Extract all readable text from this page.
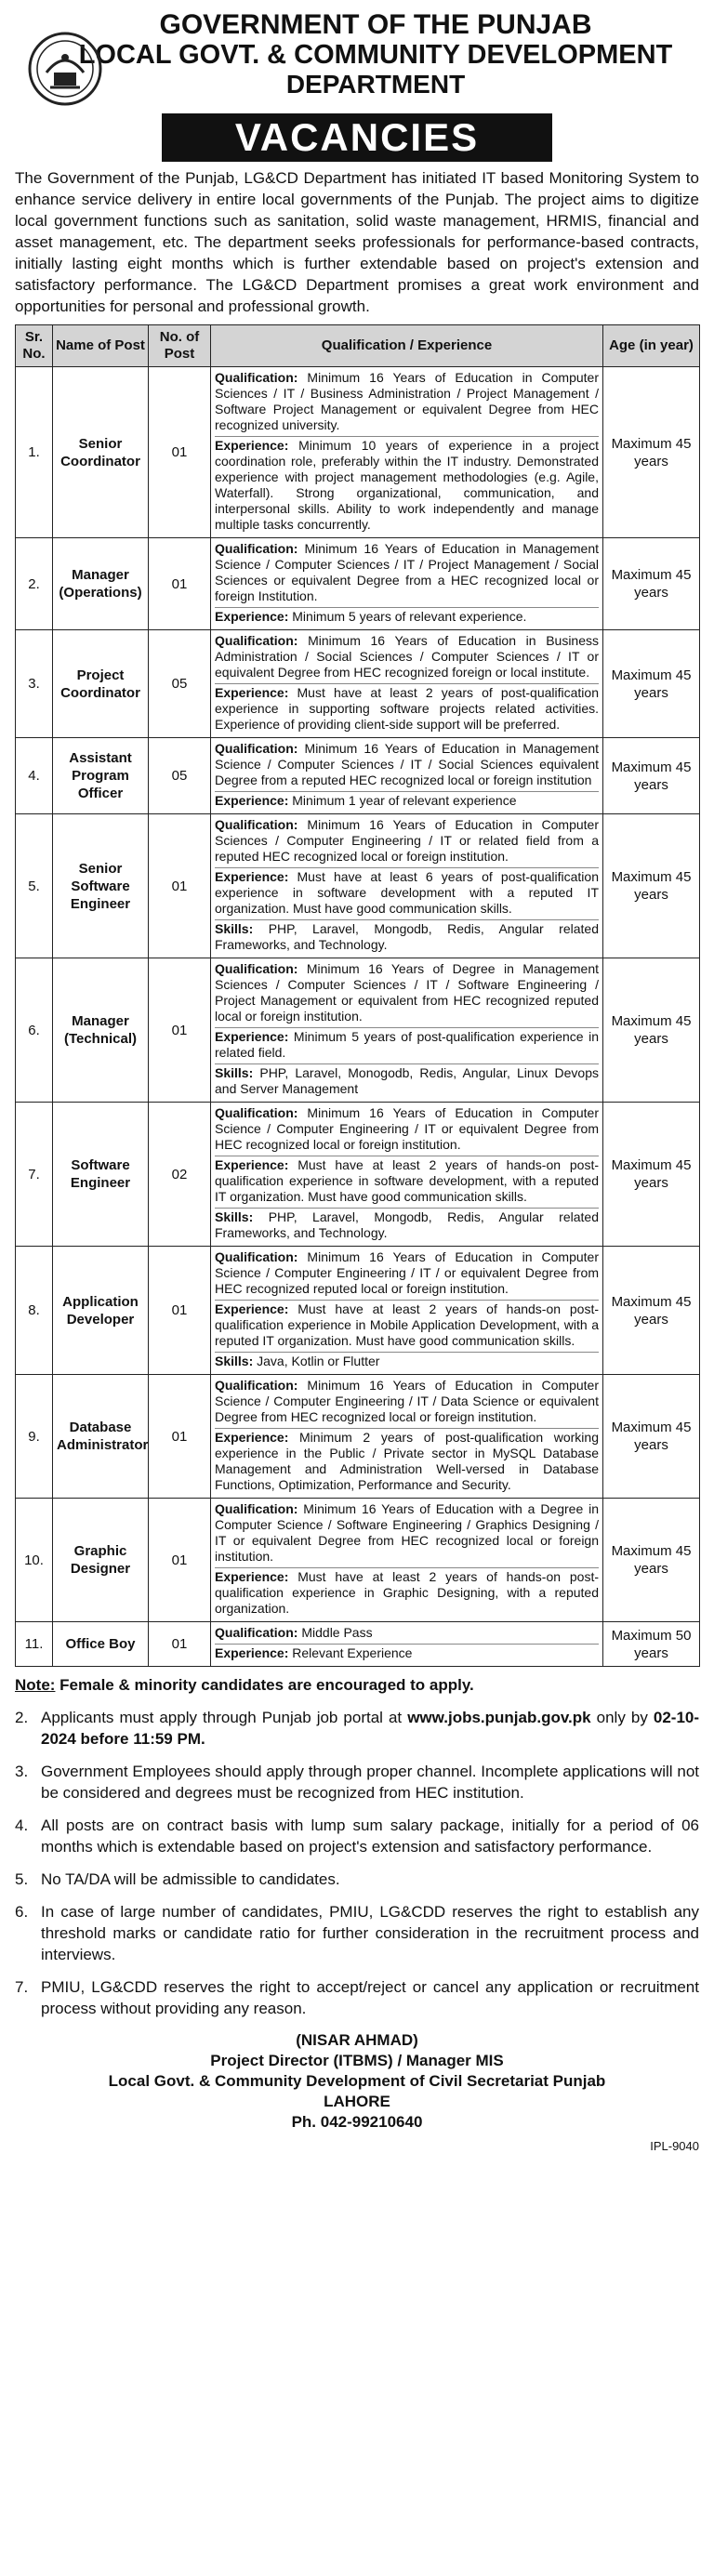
GOVERNMENT OF THE PUNJAB
LOCAL GOVT. & COMMUNITY DEVELOPMENT
DEPARTMENT
VACANCIES
The Government of the Punjab, LG&CD Department has initiated IT based Monitoring System to enhance service delivery in entire local governments of the Punjab. The project aims to digitize local government functions such as sanitation, solid waste management, HRMIS, financial and asset management, etc. The department seeks professionals for performance-based contracts, initially lasting eight months which is further extendable based on project's extension and satisfactory performance. The LG&CD Department promises a great work environment and opportunities for personal and professional growth.
Sr. No.	Name of Post	No. of Post	Qualification / Experience	Age (in year)
1.	Senior Coordinator	01	Qualification: Minimum 16 Years of Education in Computer Sciences / IT / Business Administration / Project Management / Software Project Management or equivalent Degree from HEC recognized university.
Experience: Minimum 10 years of experience in a project coordination role, preferably within the IT industry. Demonstrated experience with project management methodologies (e.g. Agile, Waterfall). Strong organizational, communication, and interpersonal skills. Ability to work independently and manage multiple tasks concurrently.	Maximum 45 years
2.	Manager (Operations)	01	Qualification: Minimum 16 Years of Education in Management Science / Computer Sciences / IT / Project Management / Social Sciences or equivalent Degree from a HEC recognized local or foreign Institution.
Experience: Minimum 5 years of relevant experience.	Maximum 45 years
3.	Project Coordinator	05	Qualification: Minimum 16 Years of Education in Business Administration / Social Sciences / Computer Sciences / IT or equivalent Degree from HEC recognized foreign or local institute.
Experience: Must have at least 2 years of post-qualification experience in supporting software projects related activities. Experience of providing client-side support will be preferred.	Maximum 45 years
4.	Assistant Program Officer	05	Qualification: Minimum 16 Years of Education in Management Science / Computer Sciences / IT / Social Sciences equivalent Degree from a reputed HEC recognized local or foreign institution
Experience: Minimum 1 year of relevant experience	Maximum 45 years
5.	Senior Software Engineer	01	Qualification: Minimum 16 Years of Education in Computer Sciences / Computer Engineering / IT or related field from a reputed HEC recognized local or foreign institution.
Experience: Must have at least 6 years of post-qualification experience in software development with a reputed IT organization. Must have good communication skills.
Skills: PHP, Laravel, Mongodb, Redis, Angular related Frameworks, and Technology.	Maximum 45 years
6.	Manager (Technical)	01	Qualification: Minimum 16 Years of Degree in Management Sciences / Computer Sciences / IT / Software Engineering / Project Management or equivalent from HEC recognized reputed local or foreign institution.
Experience: Minimum 5 years of post-qualification experience in related field.
Skills: PHP, Laravel, Monogodb, Redis, Angular, Linux Devops and Server Management	Maximum 45 years
7.	Software Engineer	02	Qualification: Minimum 16 Years of Education in Computer Science / Computer Engineering / IT or equivalent Degree from HEC recognized local or foreign institution.
Experience: Must have at least 2 years of hands-on post-qualification experience in software development, with a reputed IT organization. Must have good communication skills.
Skills: PHP, Laravel, Mongodb, Redis, Angular related Frameworks, and Technology.	Maximum 45 years
8.	Application Developer	01	Qualification: Minimum 16 Years of Education in Computer Science / Computer Engineering / IT / or equivalent Degree from HEC recognized reputed local or foreign institution.
Experience: Must have at least 2 years of hands-on post-qualification experience in Mobile Application Development, with a reputed IT organization. Must have good communication skills.
Skills: Java, Kotlin or Flutter	Maximum 45 years
9.	Database Administrator	01	Qualification: Minimum 16 Years of Education in Computer Science / Computer Engineering / IT / Data Science or equivalent Degree from HEC recognized local or foreign institution.
Experience: Minimum 2 years of post-qualification working experience in the Public / Private sector in MySQL Database Management and Administration Well-versed in Database Functions, Optimization, Performance and Security.	Maximum 45 years
10.	Graphic Designer	01	Qualification: Minimum 16 Years of Education with a Degree in Computer Science / Software Engineering / Graphics Designing / IT or equivalent Degree from HEC recognized local or foreign institution.
Experience: Must have at least 2 years of hands-on post-qualification experience in Graphic Designing, with a reputed organization.	Maximum 45 years
11.	Office Boy	01	Qualification: Middle Pass
Experience: Relevant Experience	Maximum 50 years
Note: Female & minority candidates are encouraged to apply.
2. Applicants must apply through Punjab job portal at www.jobs.punjab.gov.pk only by 02-10-2024 before 11:59 PM.
3. Government Employees should apply through proper channel. Incomplete applications will not be considered and degrees must be recognized from HEC institution.
4. All posts are on contract basis with lump sum salary package, initially for a period of 06 months which is extendable based on project's extension and satisfactory performance.
5. No TA/DA will be admissible to candidates.
6. In case of large number of candidates, PMIU, LG&CDD reserves the right to establish any threshold marks or candidate ratio for further consideration in the recruitment process and interviews.
7. PMIU, LG&CDD reserves the right to accept/reject or cancel any application or recruitment process without providing any reason.
(NISAR AHMAD)
Project Director (ITBMS) / Manager MIS
Local Govt. & Community Development of Civil Secretariat Punjab
LAHORE
Ph. 042-99210640
IPL-9040
